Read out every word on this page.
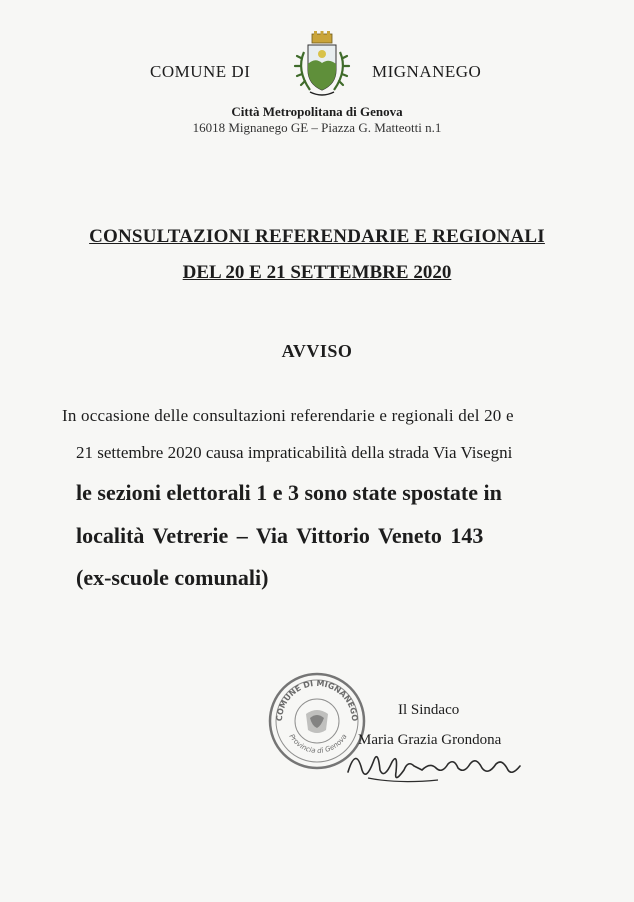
COMUNE DI	MIGNANEGO
Città Metropolitana di Genova
16018 Mignanego GE – Piazza G. Matteotti n.1
CONSULTAZIONI REFERENDARIE E REGIONALI
DEL 20 E 21 SETTEMBRE 2020
AVVISO
In occasione delle consultazioni referendarie e regionali del 20 e
21 settembre 2020 causa impraticabilità della strada Via Visegni
le sezioni elettorali 1 e 3 sono state spostate in
località Vetrerie – Via Vittorio Veneto 143
(ex-scuole comunali)
COMUNE DI MIGNANEGO
Provincia di Genova
Il Sindaco
Maria Grazia Grondona
